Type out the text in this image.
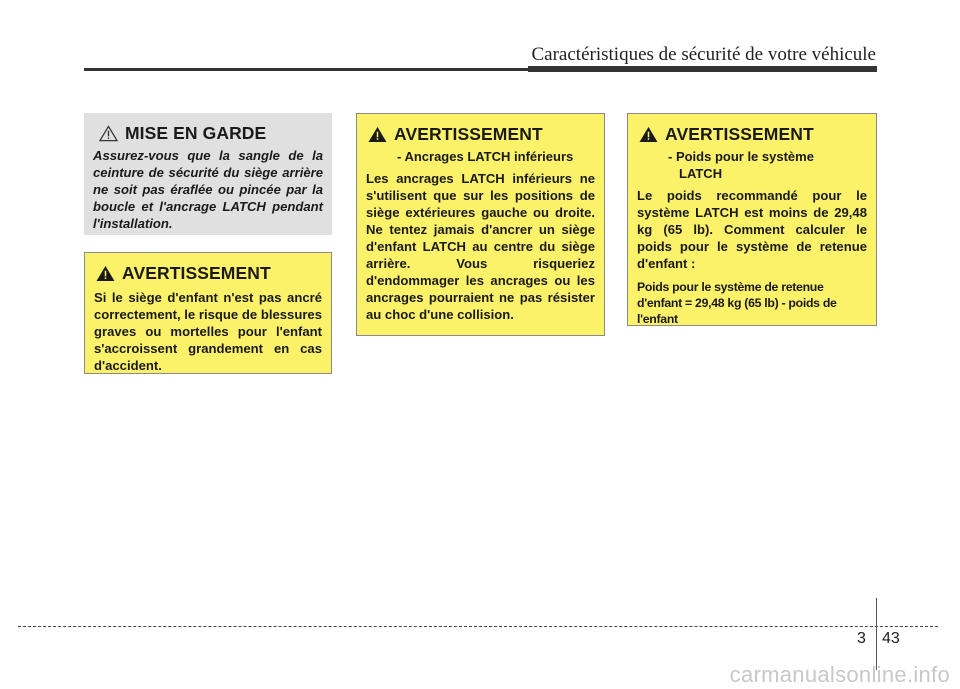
Caractéristiques de sécurité de votre véhicule
MISE EN GARDE
Assurez-vous que la sangle de la ceinture de sécurité du siège arrière ne soit pas éraflée ou pincée par la boucle et l'ancrage LATCH pendant l'installation.
AVERTISSEMENT
Si le siège d'enfant n'est pas ancré correctement, le risque de blessures graves ou mortelles pour l'enfant s'accroissent grandement en cas d'accident.
AVERTISSEMENT
- Ancrages LATCH inférieurs
Les ancrages LATCH inférieurs ne s'utilisent que sur les positions de siège extérieures gauche ou droite. Ne tentez jamais d'ancrer un siège d'enfant LATCH au centre du siège arrière. Vous risqueriez d'endommager les ancrages ou les ancrages pourraient ne pas résister au choc d'une collision.
AVERTISSEMENT
- Poids pour le système
LATCH
Le poids recommandé pour le système LATCH est moins de 29,48 kg (65 lb). Comment calculer le poids pour le système de retenue d'enfant :
Poids pour le système de retenue d'enfant = 29,48 kg (65 lb) - poids de l'enfant
3 43
carmanualsonline.info
